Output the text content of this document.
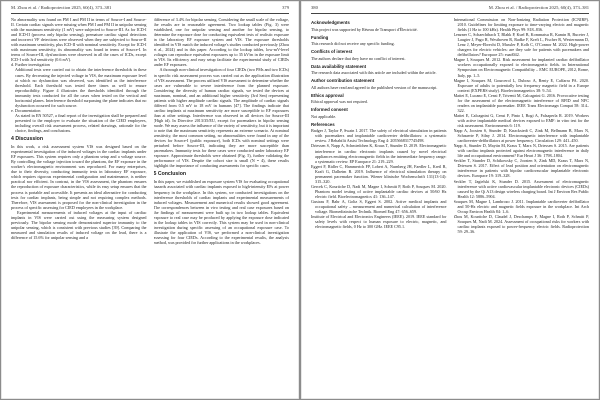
M. Zhou et al. / Radioprotection 2025, 60(4), 373–381	379

No abnormality was found on PM I and PM II in terms of Source-I and Source-II. Certain cardiac signals were missing when PM I and PM II in unipolar sensing with the maximum sensitivity (1 mV) were subjected to Source-III. As for ICD-I and ICD-II (process only bipolar sensing), premature cardiac signal detections and incorrect VF detections were observed when they are subjected to Source-II with maximum sensitivity, plus ICD-II with nominal sensitivity. Except for ICD-I with maximum sensitivity, its abnormality was found in terms of Source-I. In terms of Source-III, dysfunctions were observed in all the cases of ICDs, except ICD-I with 3rd sensitivity (0.6 mV).

d. Further investigation

Additional tests were carried out to obtain the interference thresholds in these cases. By decreasing the injected voltage in VIS, the maximum exposure level at which no dysfunction was observed, was identified as the interference threshold. Each threshold was tested three times as well to ensure reproducibility. Figure 4 illustrates the thresholds identified through the immunity tests conducted for all the cases when tested on the vertical and horizontal planes. Interference threshold surpassing the plane indicates that no dysfunction occurred for such source.

e. Documentation

As stated in EN 50527, a final report of the investigation shall be prepared and presented to the employer to evaluate the situation of the CIED employees, including overall risk assessment process, related drawings, rationale for the choice, findings, and conclusions.

4 Discussion

In this work, a risk assessment system VIS was designed based on the experimental investigation of the induced voltages in the cardiac implants under EF exposures. This system requires only a phantom setup and a voltage source. By controlling the voltage injection toward the phantom, the EF exposure in the worker's electromagnetic environment was reproduced. For many enterprises, due to their diversity, conducting immunity tests in laboratory EF exposure, which requires rigorous experimental configuration and maintenance, is neither practical nor efficient. In contrast, in the VIS assessment, the phantom ensures the reproduction of exposure characteristics, while its easy setup ensures that the process is portable and accessible. It presents an ideal alternative for conducting tests for cardiac implants, being simple and not requiring complex methods. Therefore, VIS assessment is proposed for the non-clinical investigation in the process of specific assessing for CIED employees in the workplace.

Experimental measurements of induced voltages at the input of cardiac implants in VIS were carried out using the measuring system designed previously. The bipolar sensing mode demonstrated superior immunity to the unipolar sensing, which is consistent with previous studies [39]. Comparing the measured and simulation results of induced voltage on the lead, there is a difference of 15.6% for unipolar sensing and a

difference of 3.4% for bipolar sensing. Considering the small scale of the voltage, the results are in reasonable agreement. Two lookup tables (Fig. 3) were established, one for unipolar sensing and another for bipolar sensing, to determine the exposure dose for conducting equivalent tests of realistic exposure in the laboratory EF exposure system and VIS. The exposure thresholds identified in VIS match the induced voltage's studies conducted previously (Zhou et al., 2024) and in this paper. According to the lookup tables, low-mV-level voltages can reproduce equivalent exposures up to 35 kV/m in the exposure limit in VIS. Its efficiency and easy setup facilitate the experimental study of CIEDs under EF exposures.

A thorough non-clinical investigation of four CIEDs (two PMs and two ICDs) in specific risk assessment process was carried out as the application illustration of VIS assessment. The process utilized VIS assessment to determine whether the cases are vulnerable to severe interference from the planned exposure. Considering the diversity of human cardiac signals, we tested the devices at maximum, nominal, and an additional higher sensitivity (3rd Sen) representing patients with higher amplitude cardiac signals. The amplitude of cardiac signals differed from 0.5 mV to 18 mV in humans [47]. The findings indicate that cardiac implants at maximum sensitivity are more susceptible to EF exposures than at other settings. Interference was observed in all devices for Source-III (High id). In Directive 2013/35/EU, except for pacemakers in bipolar sensing mode. We may assess the influence of the variety of sensitivity, but it is important to note that the maximum sensitivity represents an extreme scenario. At nominal sensitivity, the most common setting, no abnormalities were found in any of the devices for Source-I (public exposure), both ICDs with nominal settings were perturbed before Source-III, indicating they are more susceptible than pacemakers. Immunity tests for these cases were conducted under laboratory EF exposure. Approximate thresholds were obtained (Fig. 5), further validating the performance of VIS. Despite the cohort size is small (N = 4), these results highlight the importance of conducting assessments for specific cases.

5 Conclusion

In this paper, we established an exposure system VIS for evaluating occupational hazards associated with cardiac implants exposed to high-intensity EFs at power frequency in the workplace. In this system, we conducted investigations on the interference thresholds of cardiac implants and experimental measurements of induced voltages. Measurement and numerical results showed good agreement. The correspondences between in vivo testing and real case exposures based on the findings of measurement were built up in two lookup tables. Equivalent exposure to real case may be produced by applying the exposure dose indicated in the lookup tables in VIS correctly. This system may be used in non-clinical investigation during specific assessing of an occupational exposure case. To illustrate the application of VIS, we performed a non-clinical investigation assessing for four CIEDs. According to the experimental results, the analysis method, was provided for further applications in the workplaces.

380	M. Zhou et al. / Radioprotection 2025, 60(4), 373–381
Acknowledgments

This project was supported by Réseau de Transport d'Électricité.

Funding

This research did not receive any specific funding.

Conflicts of interest

The authors declare that they have no conflict of interest.

Data availability statement

The research data associated with this article are included within the article.

Author contribution statement

All authors have read and agreed to the published version of the manuscript.

Ethics approval

Ethical approval was not required.

Informed consent

Not applicable.

References

Badger J, Taylor P, Swain I. 2017. The safety of electrical stimulation in patients with pacemakers and implantable cardioverter defibrillators: a systematic review. J Rehabilit Assist Technology Eng 4: 2055668317745498.

Driessen S, Napp A, Schmiedchen K, Kraus T, Stunder D. 2019. Electromagnetic interference in cardiac electronic implants caused by novel electrical appliances emitting electromagnetic fields in the intermediate frequency range: a systematic review. EP Europace 21: 219–229.

Eggert F, Ridler C, Hammerich FP, Lobert A, Nurnberg JH, Faedler L, Kretl R, Kraft G, Dalheim R. 2019. Influence of electrical stimulation therapy on permanent pacemaker function. Wiener klinische Wochenschrift 131(13-14): 315–320.

Gercek C, Kourtiche D, Nadi M, Magne I, Schmitt P, Roth P, Souques M. 2020. Phantom model testing of active implantable cardiac devices at 50/60 Hz electric field. Bioelectromagnetics 41: 136–147.

Gustrau F, Bahr A, Goltz S, Eggert S. 2002. Active medical implants and occupational safety – measurement and numerical calculation of interference voltage. Biomedizinische Technik. Biomed Eng 47: 656–659.

Institute of Electrical and Electronics Engineers (IEEE). 2019. IEEE standard for safety levels with respect to human exposure to electric, magnetic, and electromagnetic fields, 0 Hz to 300 GHz. IEEE C95.1.

International Commission on Non-Ionizing Radiation Protection (ICNIRP). 2010. Guidelines for limiting exposure to time-varying electric and magnetic fields (1 Hz to 100 kHz). Health Phys 99: 818–836.

Lenzner C, Schaechtbach T, Blahk P, Kuel B, Kommatsu R, Kamin B, Buceter J, Laugier J, Pago R, Westhoven R, Radke F, Kreft L, Fischer R, Westermann D, Lenz J, Meyer-Ebrecht D, Mussler P, Kolb C, O'Connor M. 2022. High-power chargers for electric vehicles: are they safe for patients with pacemakers and defibrillators? Europace 25: euad042.

Magne I, Souques M. 2012. Risk assessment for implanted cardiac defibrillator workers occupationally exposed to electromagnetic fields. in International Symposium on Electromagnetic Compatibility – EMC EUROPE, 2012, Rome, Italy, pp. 1–5.

Magne I, Souques M, Gourcerol L, Dubosc A, Renty E, Caffarra PA. 2020. Exposure of adults to potentially low frequency magnetic field in a Europe context (EXPERS study). Bioelectromagnetics 38: 9–54.

Mattei E, Lucano E, Censi F, Triventi M, Calcagnini G. 2016. Provocative testing for the assessment of the electromagnetic interference of RFID and NFC readers on implantable pacemaker. IEEE Trans Electromagn Compat 58: 314–322.

Mattei E, Calcagnini G, Censi F, Pinto I, Bogi A, Falsaperla R. 2019. Workers with active implantable medical devices exposed to EMF: in vitro test for the risk assessment. Environments 6: 119.

Napp A, Joosten S, Stunder D, Knackstedt C, Zink M, Bellmann B, Marx N, Schauerte P, Silny J. 2014. Electromagnetic interference with implantable cardioverter-defibrillators at power frequency. Circulation 129: 441–450.

Napp A, Stunder D, Maytin M, Kraus T, Marx N, Driessen S. 2015. Are patients with cardiac implants protected against electromagnetic interference in daily life and occupational environment? Eur Heart J 36: 1798–1804.

Seckler T, Stunder D, Schikowsky C, Joosten S, Zink MD, Kraus T, Marx N, Driessen S. 2017. Effect of lead position and orientation on electromagnetic interference in patients with bipolar cardiovascular implantable electronic devices. Europace 19: 319–328.

Seckler T, Jagielski K, Stunder D. 2015. Assessment of electromagnetic interference with active cardiovascular implantable electronic devices (CIEDs) caused by the Qi A13 design wireless charging board. Int J Environ Res Public Health 12: 5886–5904.

Souques M, Magne I, Lambrozo J. 2011. Implantable cardioverter defibrillator and 50-Hz electric and magnetic fields exposure in the workplace. Int Arch Occup Environ Health 84: 1–6.

Zhou M, Kourtiche D, Claudel J, Deschamps F, Magne I, Roth P, Schmitt P, Souques M, Nadi M. 2024. Assessment of occupational risks for workers with cardiac implants exposed to power-frequency electric fields. Radioprotection 59: 29–36.
